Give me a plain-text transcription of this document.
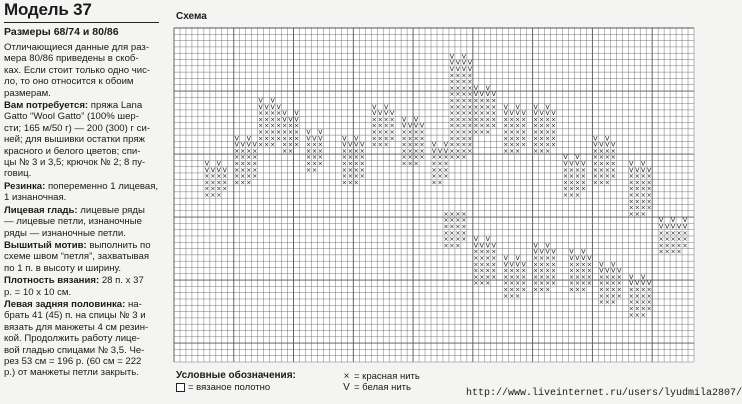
Модель 37
Размеры 68/74 и 80/86

Отличающиеся данные для раз-
мера 80/86 приведены в скоб-
ках. Если стоит только одно чис-
ло, то оно относится к обоим
размерам.

Вам потребуется: пряжа Lana
Gatto “Wool Gatto” (100% шер-
сти; 165 м/50 г) — 200 (300) г си-
ней; для вышивки остатки пряж
красного и белого цветов; спи-
цы № 3 и 3,5; крючок № 2; 8 пу-
говиц.

Резинка: попеременно 1 лицевая,
1 изнаночная.

Лицевая гладь: лицевые ряды
— лицевые петли, изнаночные
ряды — изнаночные петли.

Вышитый мотив: выполнить по
схеме швом “петля”, захватывая
по 1 п. в высоту и ширину.

Плотность вязания: 28 п. х 37
р. = 10 х 10 см.

Левая задняя половинка: на-
брать 41 (45) п. на спицы № 3 и
вязать для манжеты 4 см резин-
кой. Продолжить работу лице-
вой гладью спицами № 3,5. Че-
рез 53 см = 196 р. (60 см = 222
р.) от манжеты петли закрыть.

Схема
V V
V V V V
× × × ×
× × × ×
× × × ×
× × ×
V V
V V V V
× × × ×
× × × ×
× × × ×
× × × ×
× × × ×
× × ×
V V
V V V V
× × × ×
× × × ×
× × × ×
× × × ×
× × × ×
× × ×
V V
V V V
× × ×
× × ×
× × ×
× × ×
× ×
V V
V V V
× × ×
× × ×
× × ×
× × ×
× ×
V V
V V V V
× × × ×
× × × ×
× × × ×
× × × ×
× × × ×
× × ×
V V
V V V V
× × × ×
× × × ×
× × × ×
× × × ×
× × ×
V V
V V V V
× × × ×
× × × ×
× × × ×
× × × ×
× × × ×
× × ×
V V
V V V
× × ×
× × ×
× × ×
× × ×
× ×
V V
V V V V
V V V V
× × × ×
× × × ×
× × × ×
× × × ×
× × × ×
× × × ×
× × × ×
× × × ×
× × × ×
× × × ×
× × × ×
× × × ×
× × × ×
× × ×
V V
V V V V
× × × ×
× × × ×
× × × ×
× × × ×
× × × ×
× × ×
V V
V V V V
× × × ×
× × × ×
× × × ×
× × × ×
× × × ×
× × ×
V V
V V V V
× × × ×
× × × ×
× × × ×
× × × ×
× × × ×
× × ×
V V
V V V V
× × × ×
× × × ×
× × × ×
× × × ×
× × ×
V V
V V V V
× × × ×
× × × ×
× × × ×
× × × ×
× × × ×
× × ×
V V
V V V V
× × × ×
× × × ×
× × × ×
× × × ×
× × × ×
× × × ×
× × ×
V V V
V V V V V
× × × × ×
× × × × ×
× × × × ×
× × × ×
× × × ×
× × × ×
× × × ×
× × × ×
× × × ×
× × ×
V V
V V V V
× × × ×
× × × ×
× × × ×
× × × ×
× × × ×
× × ×
V V
V V V V
× × × ×
× × × ×
× × × ×
× × × ×
× × ×
V V
V V V V
× × × ×
× × × ×
× × × ×
× × × ×
× × × ×
× × ×
V V
V V V V
× × × ×
× × × ×
× × × ×
× × × ×
× × ×
V V
V V V V
× × × ×
× × × ×
× × × ×
× × × ×
× × ×
V V
V V V V
× × × ×
× × × ×
× × × ×
× × × ×
× × ×
Условные обозначения:
= вязаное полотно
× = красная нить
V = белая нить
http://www.liveinternet.ru/users/lyudmila2807/
